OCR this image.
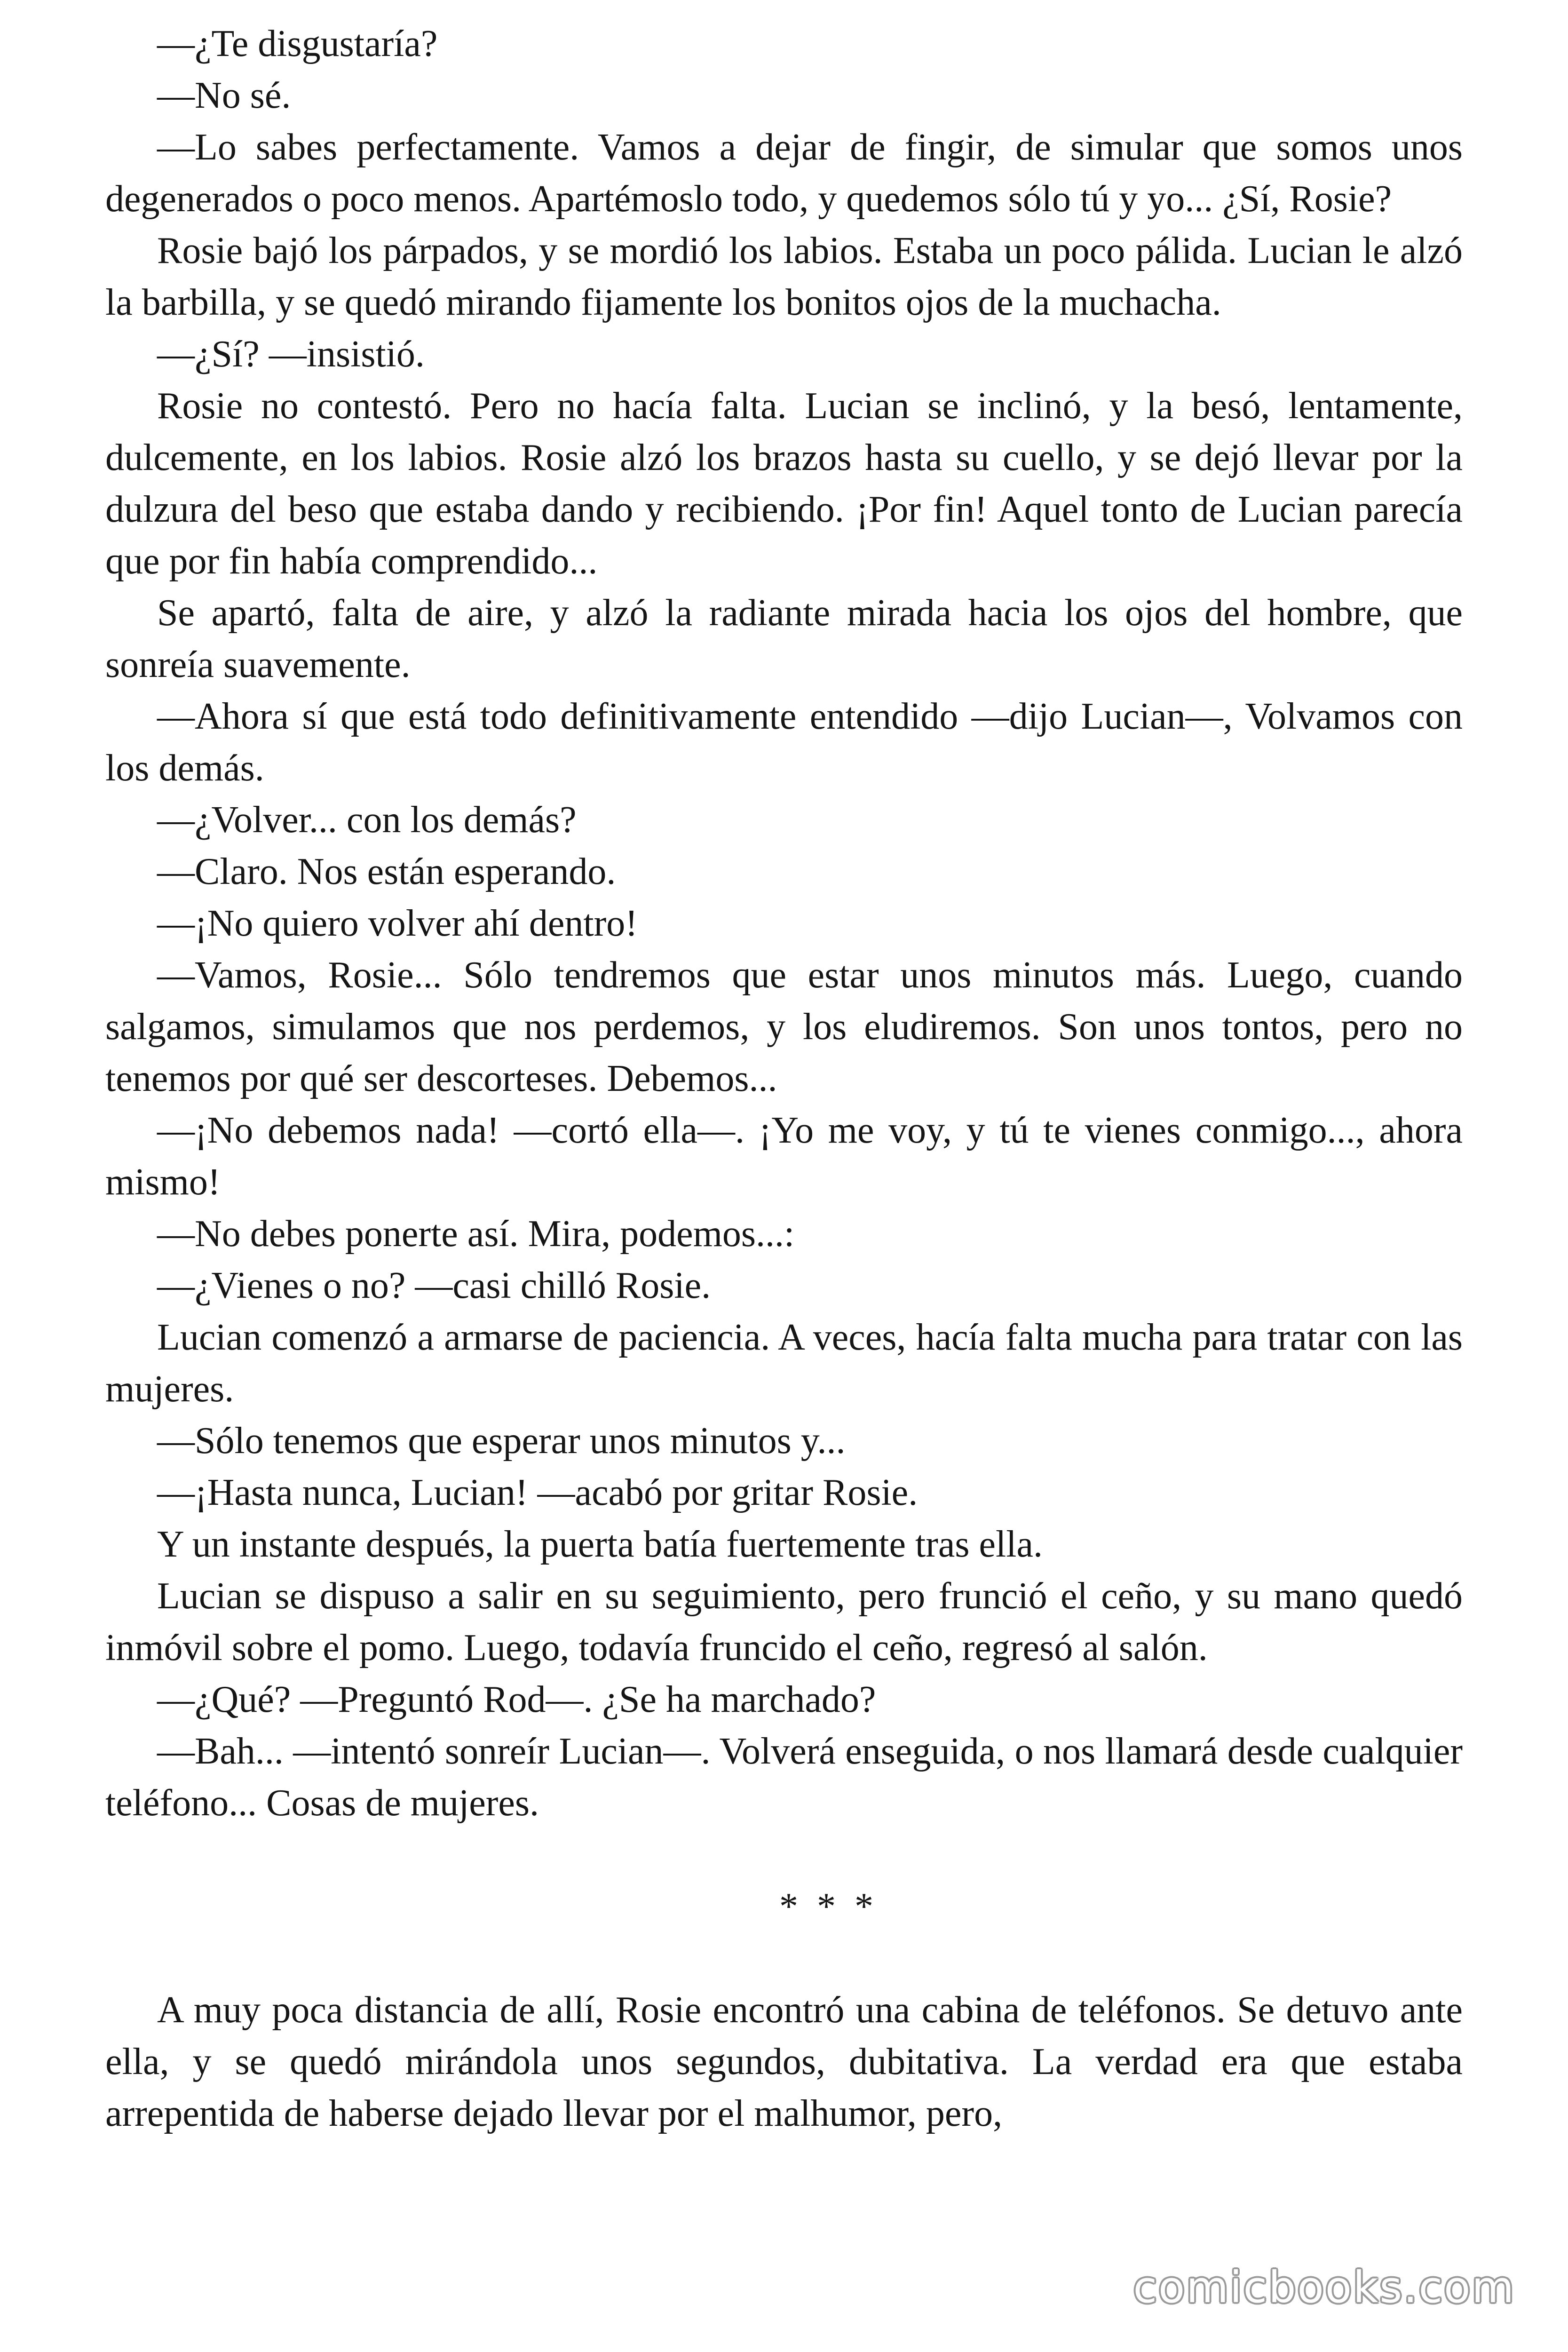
—¿Te disgustaría?

—No sé.

—Lo sabes perfectamente. Vamos a dejar de fingir, de simular que somos unos degenerados o poco menos. Apartémoslo todo, y quedemos sólo tú y yo... ¿Sí, Rosie?

Rosie bajó los párpados, y se mordió los labios. Estaba un poco pálida. Lucian le alzó la barbilla, y se quedó mirando fijamente los bonitos ojos de la muchacha.

—¿Sí? —insistió.

Rosie no contestó. Pero no hacía falta. Lucian se inclinó, y la besó, lentamente, dulcemente, en los labios. Rosie alzó los brazos hasta su cuello, y se dejó llevar por la dulzura del beso que estaba dando y recibiendo. ¡Por fin! Aquel tonto de Lucian parecía que por fin había comprendido...

Se apartó, falta de aire, y alzó la radiante mirada hacia los ojos del hombre, que sonreía suavemente.

—Ahora sí que está todo definitivamente entendido —dijo Lucian—, Volvamos con los demás.

—¿Volver... con los demás?

—Claro. Nos están esperando.

—¡No quiero volver ahí dentro!

—Vamos, Rosie... Sólo tendremos que estar unos minutos más. Luego, cuando salgamos, simulamos que nos perdemos, y los eludiremos. Son unos tontos, pero no tenemos por qué ser descorteses. Debemos...

—¡No debemos nada! —cortó ella—. ¡Yo me voy, y tú te vienes conmigo..., ahora mismo!

—No debes ponerte así. Mira, podemos...:

—¿Vienes o no? —casi chilló Rosie.

Lucian comenzó a armarse de paciencia. A veces, hacía falta mucha para tratar con las mujeres.

—Sólo tenemos que esperar unos minutos y...

—¡Hasta nunca, Lucian! —acabó por gritar Rosie.

Y un instante después, la puerta batía fuertemente tras ella.

Lucian se dispuso a salir en su seguimiento, pero frunció el ceño, y su mano quedó inmóvil sobre el pomo. Luego, todavía fruncido el ceño, regresó al salón.

—¿Qué? —Preguntó Rod—. ¿Se ha marchado?

—Bah... —intentó sonreír Lucian—. Volverá enseguida, o nos llamará desde cualquier teléfono... Cosas de mujeres.

* * *

A muy poca distancia de allí, Rosie encontró una cabina de teléfonos. Se detuvo ante ella, y se quedó mirándola unos segundos, dubitativa. La verdad era que estaba arrepentida de haberse dejado llevar por el malhumor, pero,

comicbooks.com
